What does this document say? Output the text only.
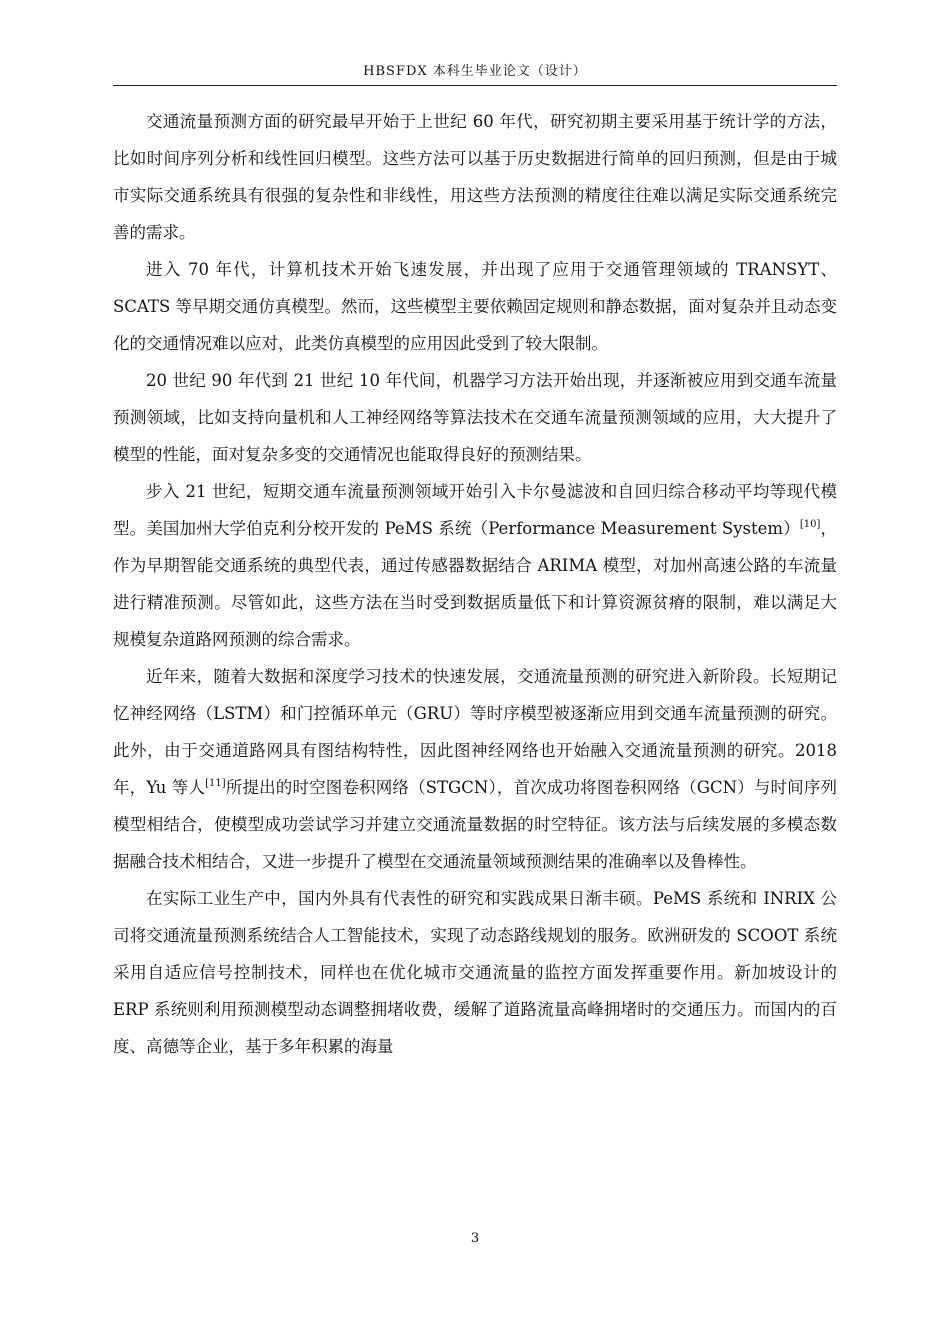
HBSFDX 本科生毕业论文（设计）

交通流量预测方面的研究最早开始于上世纪 60 年代，研究初期主要采用基于统计学的方法，比如时间序列分析和线性回归模型。这些方法可以基于历史数据进行简单的回归预测，但是由于城市实际交通系统具有很强的复杂性和非线性，用这些方法预测的精度往往难以满足实际交通系统完善的需求。

进入 70 年代，计算机技术开始飞速发展，并出现了应用于交通管理领域的 TRANSYT、SCATS 等早期交通仿真模型。然而，这些模型主要依赖固定规则和静态数据，面对复杂并且动态变化的交通情况难以应对，此类仿真模型的应用因此受到了较大限制。

20 世纪 90 年代到 21 世纪 10 年代间，机器学习方法开始出现，并逐渐被应用到交通车流量预测领域，比如支持向量机和人工神经网络等算法技术在交通车流量预测领域的应用，大大提升了模型的性能，面对复杂多变的交通情况也能取得良好的预测结果。

步入 21 世纪，短期交通车流量预测领域开始引入卡尔曼滤波和自回归综合移动平均等现代模型。美国加州大学伯克利分校开发的 PeMS 系统（Performance Measurement System）[10]，作为早期智能交通系统的典型代表，通过传感器数据结合 ARIMA 模型，对加州高速公路的车流量进行精准预测。尽管如此，这些方法在当时受到数据质量低下和计算资源贫瘠的限制，难以满足大规模复杂道路网预测的综合需求。

近年来，随着大数据和深度学习技术的快速发展，交通流量预测的研究进入新阶段。长短期记忆神经网络（LSTM）和门控循环单元（GRU）等时序模型被逐渐应用到交通车流量预测的研究。此外，由于交通道路网具有图结构特性，因此图神经网络也开始融入交通流量预测的研究。2018 年，Yu 等人[11]所提出的时空图卷积网络（STGCN），首次成功将图卷积网络（GCN）与时间序列模型相结合，使模型成功尝试学习并建立交通流量数据的时空特征。该方法与后续发展的多模态数据融合技术相结合，又进一步提升了模型在交通流量领域预测结果的准确率以及鲁棒性。

在实际工业生产中，国内外具有代表性的研究和实践成果日渐丰硕。PeMS 系统和 INRIX 公司将交通流量预测系统结合人工智能技术，实现了动态路线规划的服务。欧洲研发的 SCOOT 系统采用自适应信号控制技术，同样也在优化城市交通流量的监控方面发挥重要作用。新加坡设计的 ERP 系统则利用预测模型动态调整拥堵收费，缓解了道路流量高峰拥堵时的交通压力。而国内的百度、高德等企业，基于多年积累的海量

3
